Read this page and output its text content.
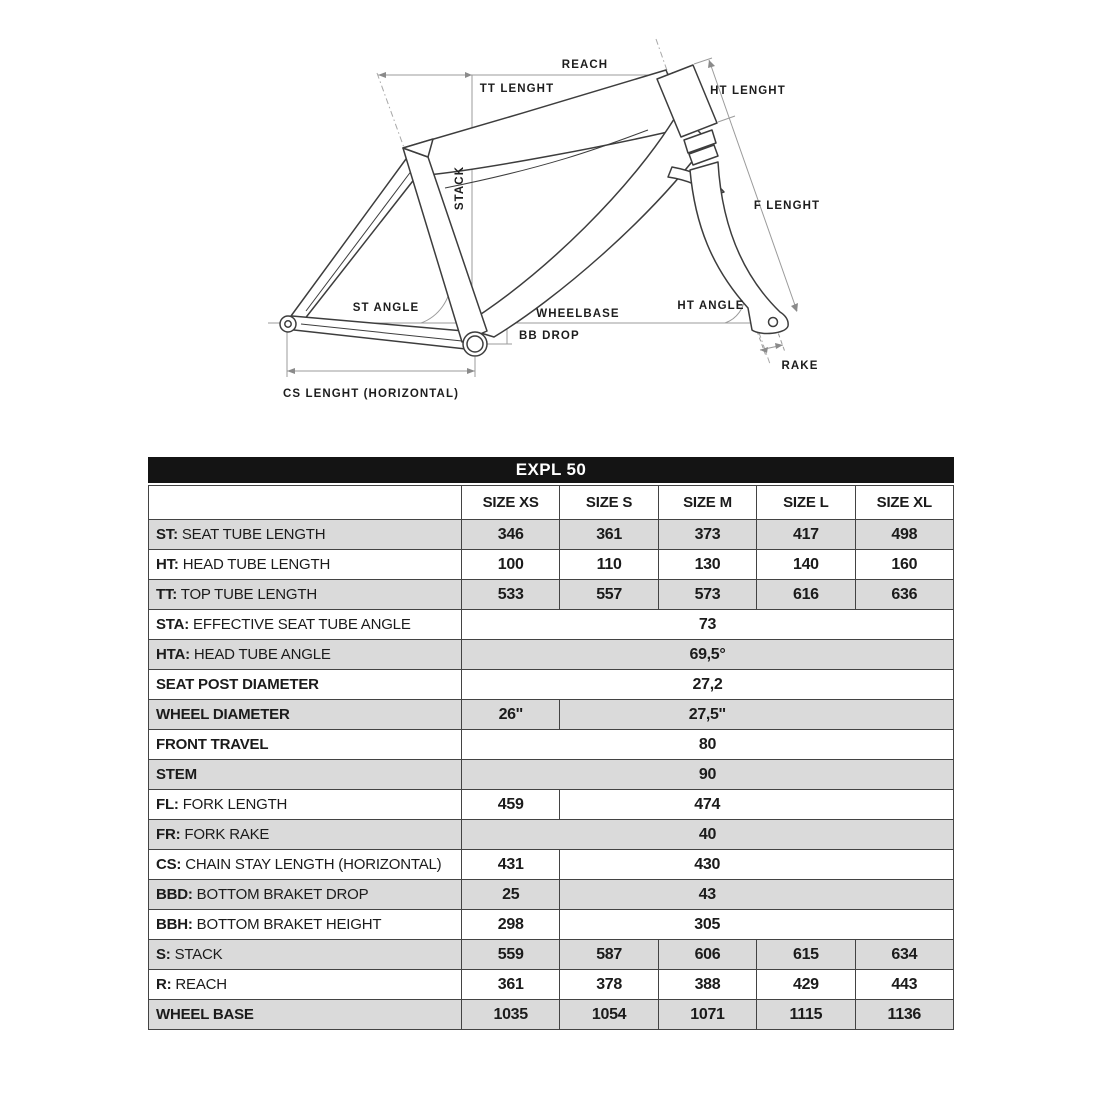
REACH
TT LENGHT	HT LENGHT
STACK	F LENGHT
ST ANGLE	WHEELBASE
BB DROP
HT ANGLE
RAKE
CS LENGHT (HORIZONTAL)
EXPL 50
	SIZE XS	SIZE S	SIZE M	SIZE L	SIZE XL
ST: SEAT TUBE LENGTH	346	361	373	417	498
HT: HEAD TUBE LENGTH	100	110	130	140	160
TT: TOP TUBE LENGTH	533	557	573	616	636
STA: EFFECTIVE SEAT TUBE ANGLE	73				
HTA: HEAD TUBE ANGLE	69,5°				
SEAT POST DIAMETER	27,2				
WHEEL DIAMETER	26''	27,5''			
FRONT TRAVEL	80				
STEM	90				
FL: FORK LENGTH	459	474			
FR: FORK RAKE	40				
CS: CHAIN STAY LENGTH (HORIZONTAL)	431	430			
BBD: BOTTOM BRAKET DROP	25	43			
BBH: BOTTOM BRAKET HEIGHT	298	305			
S: STACK	559	587	606	615	634
R: REACH	361	378	388	429	443
WHEEL BASE	1035	1054	1071	1115	1136
